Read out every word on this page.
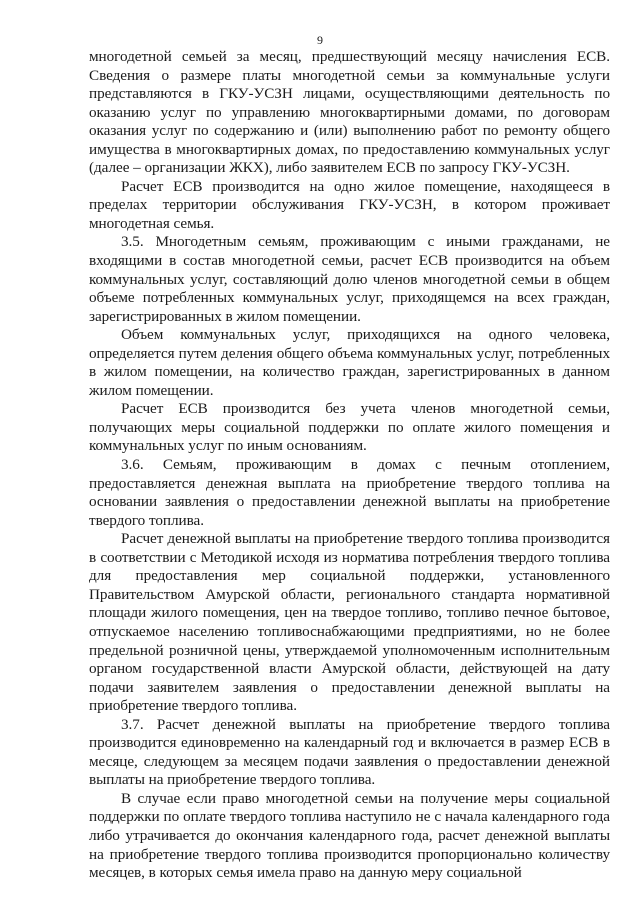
9

многодетной семьей за месяц, предшествующий месяцу начисления ЕСВ. Сведения о размере платы многодетной семьи за коммунальные услуги представляются в ГКУ-УСЗН лицами, осуществляющими деятельность по оказанию услуг по управлению многоквартирными домами, по договорам оказания услуг по содержанию и (или) выполнению работ по ремонту общего имущества в многоквартирных домах, по предоставлению коммунальных услуг (далее – организации ЖКХ), либо заявителем ЕСВ по запросу ГКУ-УСЗН.

Расчет ЕСВ производится на одно жилое помещение, находящееся в пределах территории обслуживания ГКУ-УСЗН, в котором проживает многодетная семья.

3.5. Многодетным семьям, проживающим с иными гражданами, не входящими в состав многодетной семьи, расчет ЕСВ производится на объем коммунальных услуг, составляющий долю членов многодетной семьи в общем объеме потребленных коммунальных услуг, приходящемся на всех граждан, зарегистрированных в жилом помещении.

Объем коммунальных услуг, приходящихся на одного человека, определяется путем деления общего объема коммунальных услуг, потребленных в жилом помещении, на количество граждан, зарегистрированных в данном жилом помещении.

Расчет ЕСВ производится без учета членов многодетной семьи, получающих меры социальной поддержки по оплате жилого помещения и коммунальных услуг по иным основаниям.

3.6. Семьям, проживающим в домах с печным отоплением, предоставляется денежная выплата на приобретение твердого топлива на основании заявления о предоставлении денежной выплаты на приобретение твердого топлива.

Расчет денежной выплаты на приобретение твердого топлива производится в соответствии с Методикой исходя из норматива потребления твердого топлива для предоставления мер социальной поддержки, установленного Правительством Амурской области, регионального стандарта нормативной площади жилого помещения, цен на твердое топливо, топливо печное бытовое, отпускаемое населению топливоснабжающими предприятиями, но не более предельной розничной цены, утверждаемой уполномоченным исполнительным органом государственной власти Амурской области, действующей на дату подачи заявителем заявления о предоставлении денежной выплаты на приобретение твердого топлива.

3.7. Расчет денежной выплаты на приобретение твердого топлива производится единовременно на календарный год и включается в размер ЕСВ в месяце, следующем за месяцем подачи заявления о предоставлении денежной выплаты на приобретение твердого топлива.

В случае если право многодетной семьи на получение меры социальной поддержки по оплате твердого топлива наступило не с начала календарного года либо утрачивается до окончания календарного года, расчет денежной выплаты на приобретение твердого топлива производится пропорционально количеству месяцев, в которых семья имела право на данную меру социальной
